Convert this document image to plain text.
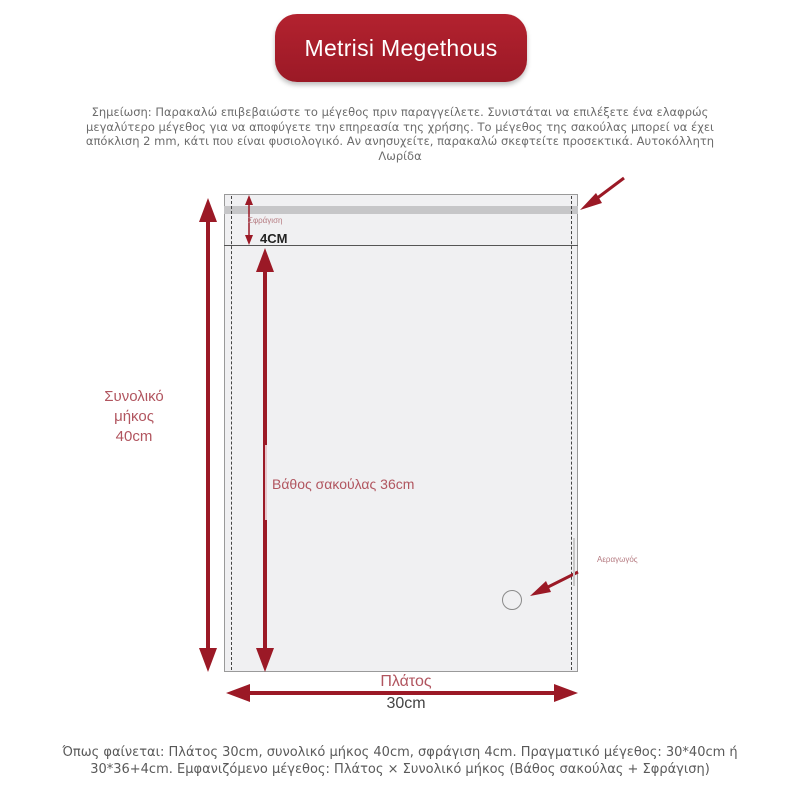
Metrisi Megethous
Σημείωση: Παρακαλώ επιβεβαιώστε το μέγεθος πριν παραγγείλετε. Συνιστάται να επιλέξετε ένα ελαφρώς μεγαλύτερο μέγεθος για να αποφύγετε την επηρεασία της χρήσης. Το μέγεθος της σακούλας μπορεί να έχει απόκλιση 2 mm, κάτι που είναι φυσιολογικό. Αν ανησυχείτε, παρακαλώ σκεφτείτε προσεκτικά. Αυτοκόλλητη Λωρίδα
Σφράγιση
4CM
Συνολικό
μήκος
40cm
Βάθος σακούλας 36cm
Αεραγωγός
Πλάτος
30cm
Όπως φαίνεται: Πλάτος 30cm, συνολικό μήκος 40cm, σφράγιση 4cm. Πραγματικό μέγεθος: 30*40cm ή 30*36+4cm. Εμφανιζόμενο μέγεθος: Πλάτος × Συνολικό μήκος (Βάθος σακούλας + Σφράγιση)
